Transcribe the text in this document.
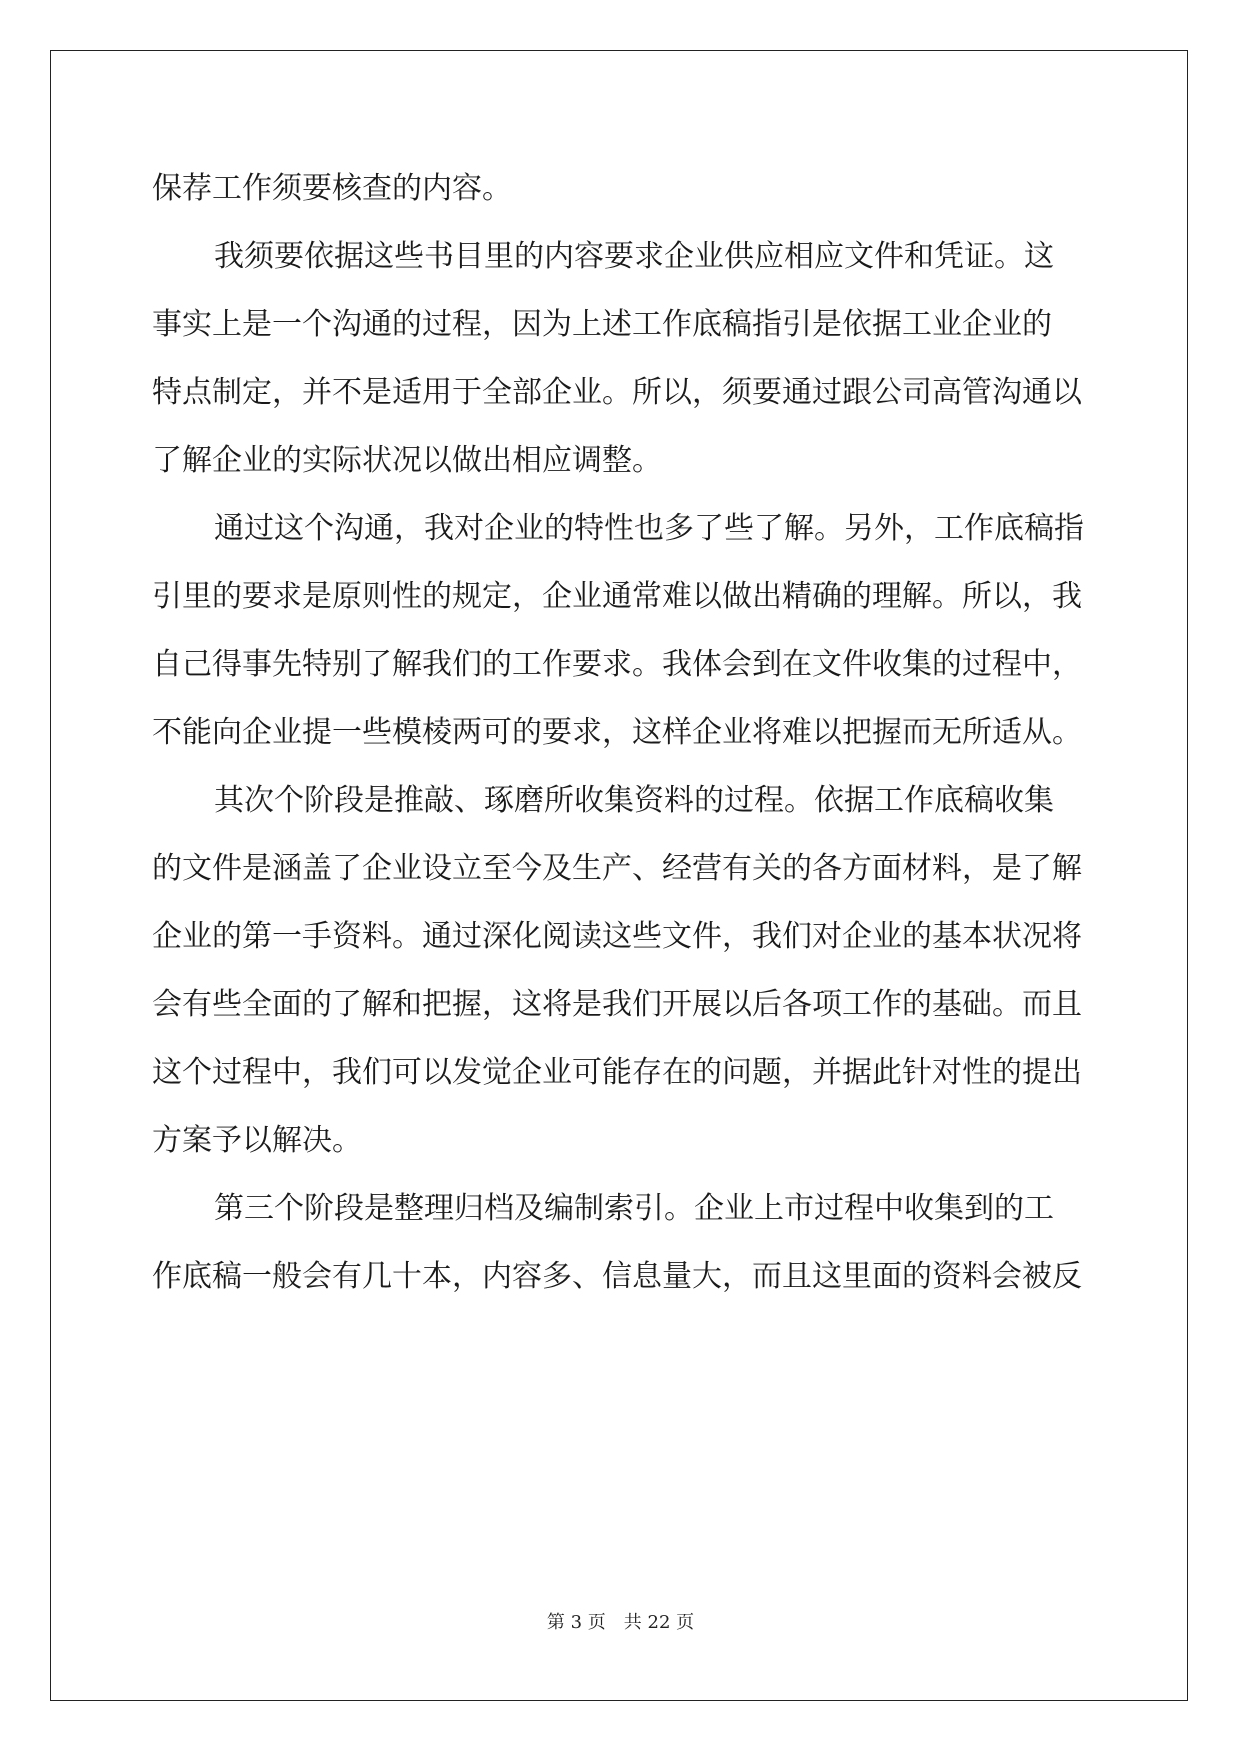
保荐工作须要核查的内容。
我须要依据这些书目里的内容要求企业供应相应文件和凭证。这
事实上是一个沟通的过程，因为上述工作底稿指引是依据工业企业的
特点制定，并不是适用于全部企业。所以，须要通过跟公司高管沟通以
了解企业的实际状况以做出相应调整。
通过这个沟通，我对企业的特性也多了些了解。另外，工作底稿指
引里的要求是原则性的规定，企业通常难以做出精确的理解。所以，我
自己得事先特别了解我们的工作要求。我体会到在文件收集的过程中，
不能向企业提一些模棱两可的要求，这样企业将难以把握而无所适从。
其次个阶段是推敲、琢磨所收集资料的过程。依据工作底稿收集
的文件是涵盖了企业设立至今及生产、经营有关的各方面材料，是了解
企业的第一手资料。通过深化阅读这些文件，我们对企业的基本状况将
会有些全面的了解和把握，这将是我们开展以后各项工作的基础。而且
这个过程中，我们可以发觉企业可能存在的问题，并据此针对性的提出
方案予以解决。
第三个阶段是整理归档及编制索引。企业上市过程中收集到的工
作底稿一般会有几十本，内容多、信息量大，而且这里面的资料会被反
第 3 页　共 22 页
